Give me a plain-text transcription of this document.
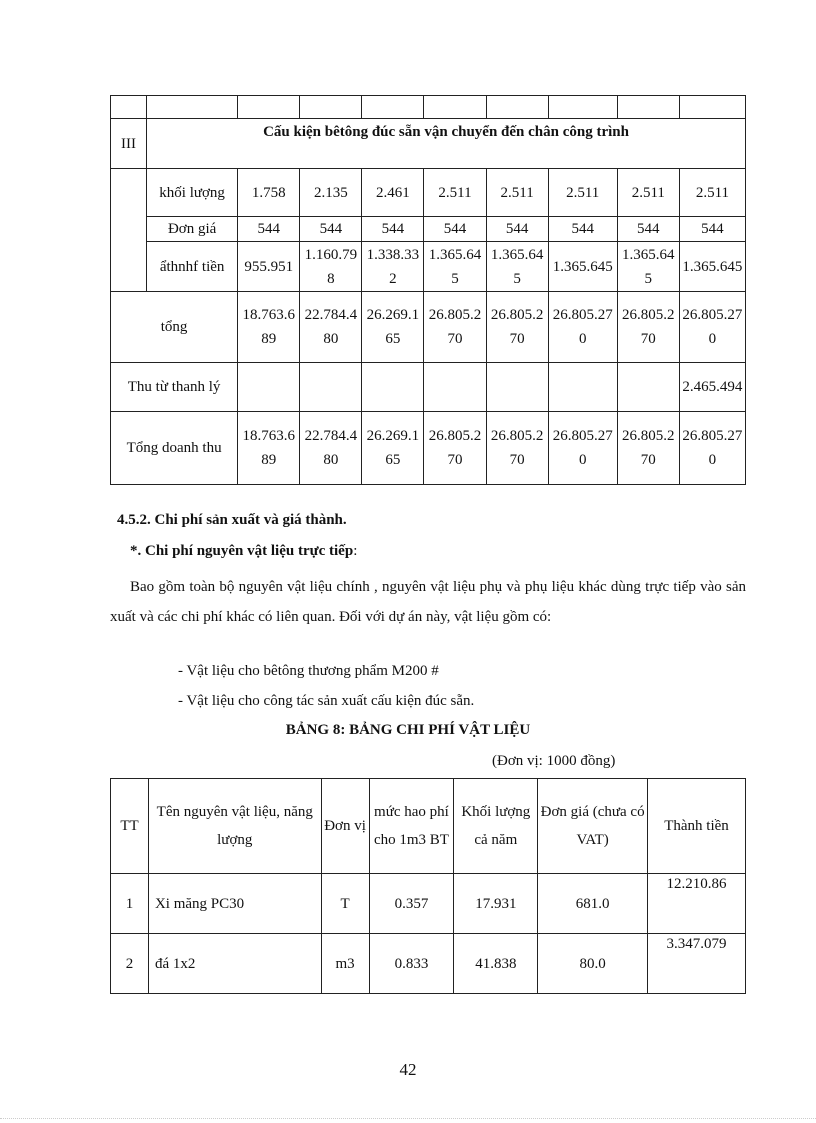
III	Cấu kiện bêtông đúc sẵn vận chuyển đến chân công trình								
	khối lượng	1.758	2.135	2.461	2.511	2.511	2.511	2.511	2.511
	Đơn giá	544	544	544	544	544	544	544	544
	ẩthnhf tiền	955.951	1.160.798	1.338.332	1.365.645	1.365.645	1.365.645	1.365.645	1.365.645
tổng		18.763.689	22.784.480	26.269.165	26.805.270	26.805.270	26.805.270	26.805.270	26.805.270
Thu từ thanh lý									2.465.494
Tổng doanh thu		18.763.689	22.784.480	26.269.165	26.805.270	26.805.270	26.805.270	26.805.270	26.805.270

4.5.2. Chi phí sản xuất và giá thành.

*. Chi phí nguyên vật liệu trực tiếp:

Bao gồm toàn bộ nguyên vật liệu chính , nguyên vật liệu phụ và phụ liệu khác dùng trực tiếp vào sản xuất và các chi phí khác có liên quan. Đối với dự án này, vật liệu gồm có:

- Vật liệu cho bêtông thương phẩm M200 #

- Vật liệu cho công tác sản xuất cấu kiện đúc sẵn.

BẢNG 8: BẢNG CHI PHÍ VẬT LIỆU

(Đơn vị: 1000 đồng)

TT	Tên nguyên vật liệu, năng lượng	Đơn vị	mức hao phí cho 1m3 BT	Khối lượng cả năm	Đơn giá (chưa có VAT)	Thành tiền
1	Xi măng PC30	T	0.357	17.931	681.0	12.210.86
2	đá 1x2	m3	0.833	41.838	80.0	3.347.079

42
